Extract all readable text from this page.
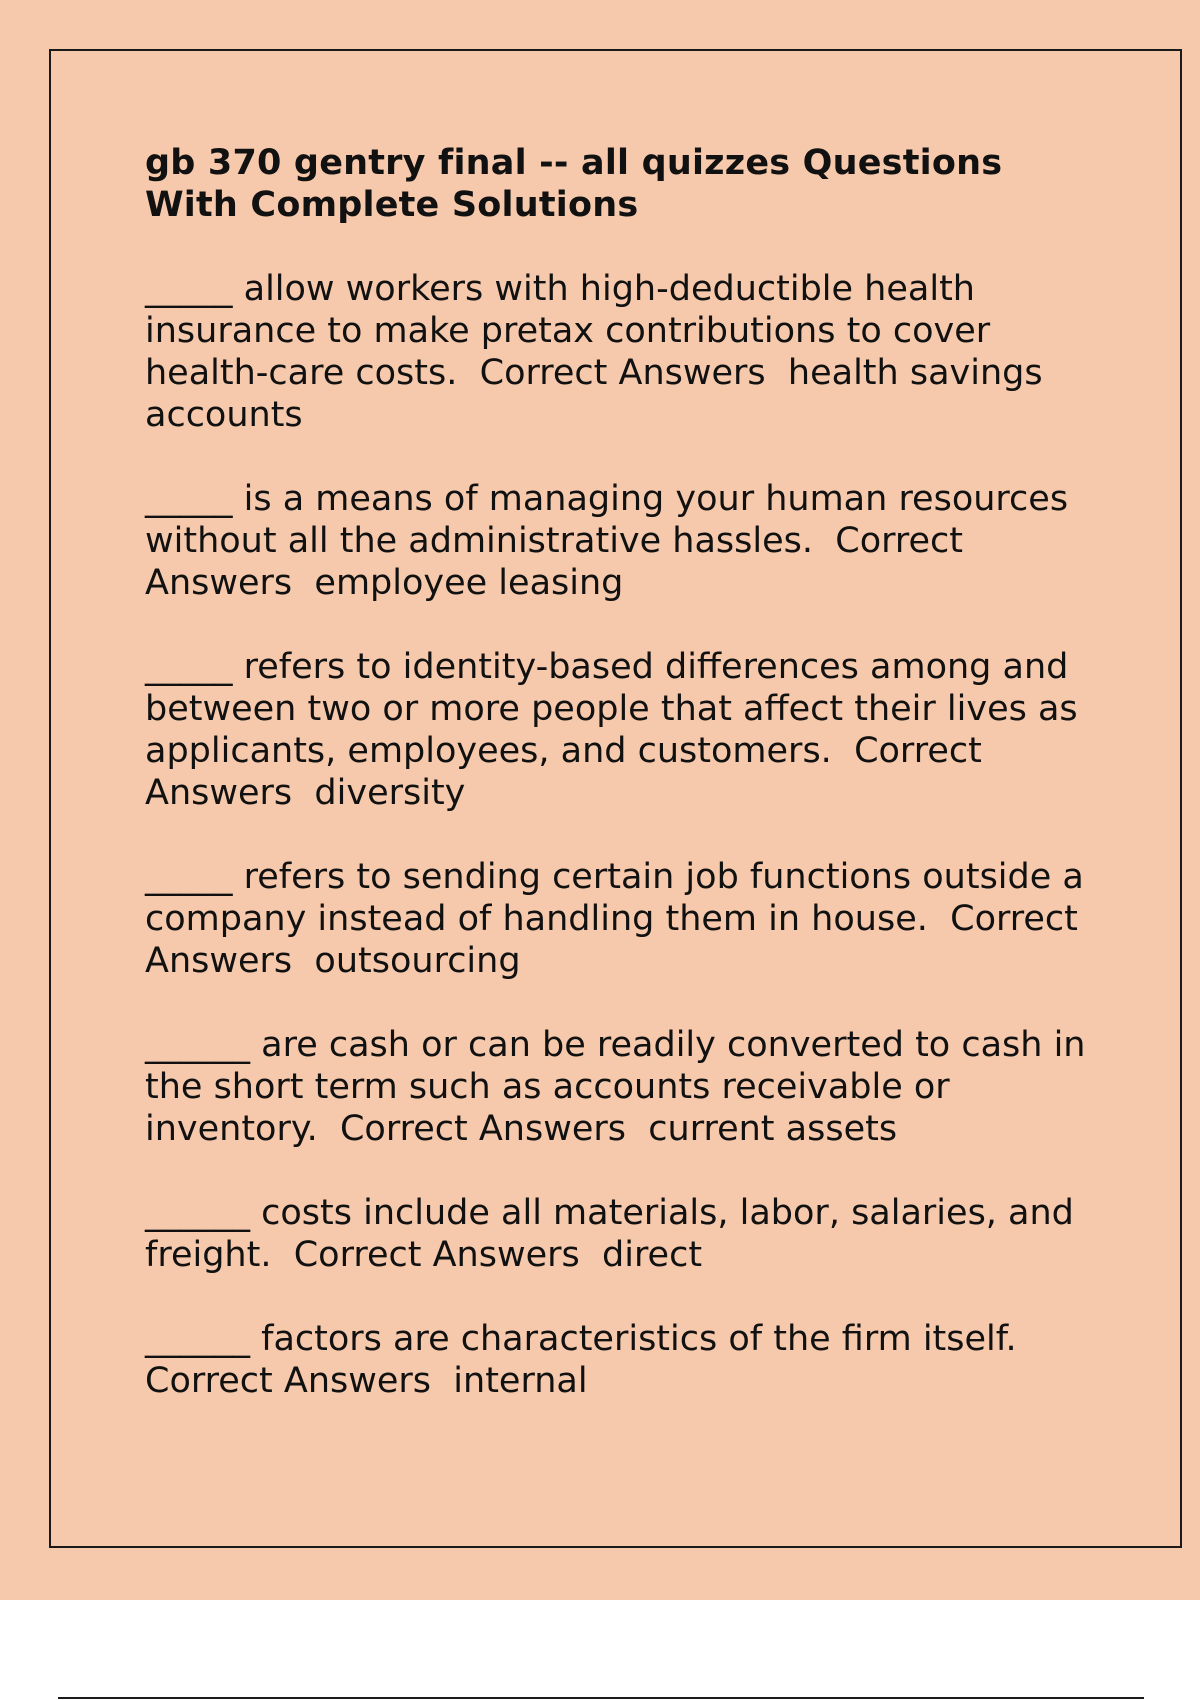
gb 370 gentry final -- all quizzes Questions With Complete Solutions

_____ allow workers with high-deductible health insurance to make pretax contributions to cover health-care costs. Correct Answers health savings accounts

_____ is a means of managing your human resources without all the administrative hassles. Correct Answers employee leasing

_____ refers to identity-based differences among and between two or more people that affect their lives as applicants, employees, and customers. Correct Answers diversity

_____ refers to sending certain job functions outside a company instead of handling them in house. Correct Answers outsourcing

______ are cash or can be readily converted to cash in the short term such as accounts receivable or inventory. Correct Answers current assets

______ costs include all materials, labor, salaries, and freight. Correct Answers direct

______ factors are characteristics of the firm itself.  Correct Answers internal
